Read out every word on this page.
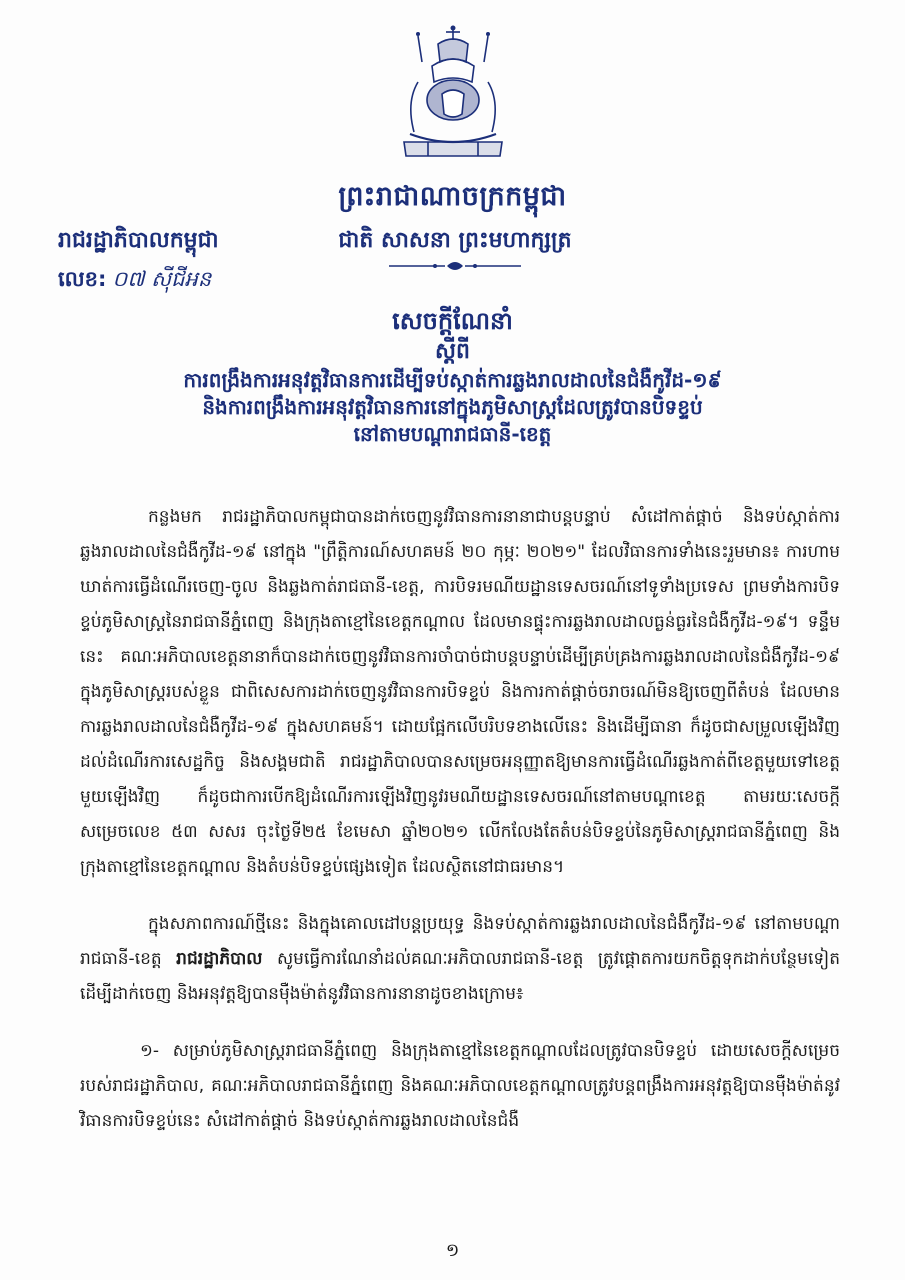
ព្រះរាជាណាចក្រកម្ពុជា
រាជរដ្ឋាភិបាលកម្ពុជា	ជាតិ សាសនា ព្រះមហាក្សត្រ
លេខ: ០៧ ស៊ីជីអន
សេចក្ដីណែនាំ
ស្ដីពី
ការពង្រឹងការអនុវត្តវិធានការដើម្បីទប់ស្កាត់ការឆ្លងរាលដាលនៃជំងឺកូវីដ-១៩
និងការពង្រឹងការអនុវត្តវិធានការនៅក្នុងភូមិសាស្ត្រដែលត្រូវបានបិទខ្ទប់
នៅតាមបណ្ដារាជធានី-ខេត្ត

កន្លងមក រាជរដ្ឋាភិបាលកម្ពុជាបានដាក់ចេញនូវវិធានការនានាជាបន្តបន្ទាប់ សំដៅកាត់ផ្ដាច់ និងទប់ស្កាត់ការឆ្លងរាលដាលនៃជំងឺកូវីដ-១៩ នៅក្នុង "ព្រឹត្តិការណ៍សហគមន៍ ២០ កុម្ភៈ ២០២១" ដែលវិធានការទាំងនេះរួមមាន៖ ការហាមឃាត់ការធ្វើដំណើរចេញ-ចូល និងឆ្លងកាត់រាជធានី-ខេត្ត, ការបិទរមណីយដ្ឋានទេសចរណ៍នៅទូទាំងប្រទេស ព្រមទាំងការបិទខ្ទប់ភូមិសាស្ត្រនៃរាជធានីភ្នំពេញ និងក្រុងតាខ្មៅនៃខេត្តកណ្ដាល ដែលមានផ្ទុះការឆ្លងរាលដាលធ្ងន់ធ្ងរនៃជំងឺកូវីដ-១៩។ ទន្ទឹមនេះ គណៈអភិបាលខេត្តនានាក៏បានដាក់ចេញនូវវិធានការចាំបាច់ជាបន្តបន្ទាប់ដើម្បីគ្រប់គ្រងការឆ្លងរាលដាលនៃជំងឺកូវីដ-១៩ ក្នុងភូមិសាស្ត្ររបស់ខ្លួន ជាពិសេសការដាក់ចេញនូវវិធានការបិទខ្ទប់ និងការកាត់ផ្ដាច់ចរាចរណ៍មិនឱ្យចេញពីតំបន់ ដែលមានការឆ្លងរាលដាលនៃជំងឺកូវីដ-១៩ ក្នុងសហគមន៍។ ដោយផ្អែកលើបរិបទខាងលើនេះ និងដើម្បីធានា ក៏ដូចជាសម្រួលឡើងវិញដល់ដំណើរការសេដ្ឋកិច្ច និងសង្គមជាតិ រាជរដ្ឋាភិបាលបានសម្រេចអនុញ្ញាតឱ្យមានការធ្វើដំណើរឆ្លងកាត់ពីខេត្តមួយទៅខេត្តមួយឡើងវិញ ក៏ដូចជាការបើកឱ្យដំណើរការឡើងវិញនូវរមណីយដ្ឋានទេសចរណ៍នៅតាមបណ្ដាខេត្ត តាមរយៈសេចក្ដីសម្រេចលេខ ៥៣ សសរ ចុះថ្ងៃទី២៥ ខែមេសា ឆ្នាំ២០២១ លើកលែងតែតំបន់បិទខ្ទប់នៃភូមិសាស្ត្ររាជធានីភ្នំពេញ និងក្រុងតាខ្មៅនៃខេត្តកណ្ដាល និងតំបន់បិទខ្ទប់ផ្សេងទៀត ដែលស្ថិតនៅជាធរមាន។

ក្នុងសភាពការណ៍ថ្មីនេះ និងក្នុងគោលដៅបន្តប្រយុទ្ធ និងទប់ស្កាត់ការឆ្លងរាលដាលនៃជំងឺកូវីដ-១៩ នៅតាមបណ្ដារាជធានី-ខេត្ត រាជរដ្ឋាភិបាល សូមធ្វើការណែនាំដល់គណៈអភិបាលរាជធានី-ខេត្ត ត្រូវផ្ដោតការយកចិត្តទុកដាក់បន្ថែមទៀតដើម្បីដាក់ចេញ និងអនុវត្តឱ្យបានម៉ឺងម៉ាត់នូវវិធានការនានាដូចខាងក្រោម៖

១- សម្រាប់ភូមិសាស្ត្ររាជធានីភ្នំពេញ និងក្រុងតាខ្មៅនៃខេត្តកណ្ដាលដែលត្រូវបានបិទខ្ទប់ ដោយសេចក្ដីសម្រេចរបស់រាជរដ្ឋាភិបាល, គណៈអភិបាលរាជធានីភ្នំពេញ និងគណៈអភិបាលខេត្តកណ្ដាលត្រូវបន្តពង្រឹងការអនុវត្តឱ្យបានម៉ឺងម៉ាត់នូវវិធានការបិទខ្ទប់នេះ សំដៅកាត់ផ្ដាច់ និងទប់ស្កាត់ការឆ្លងរាលដាលនៃជំងឺ

១
